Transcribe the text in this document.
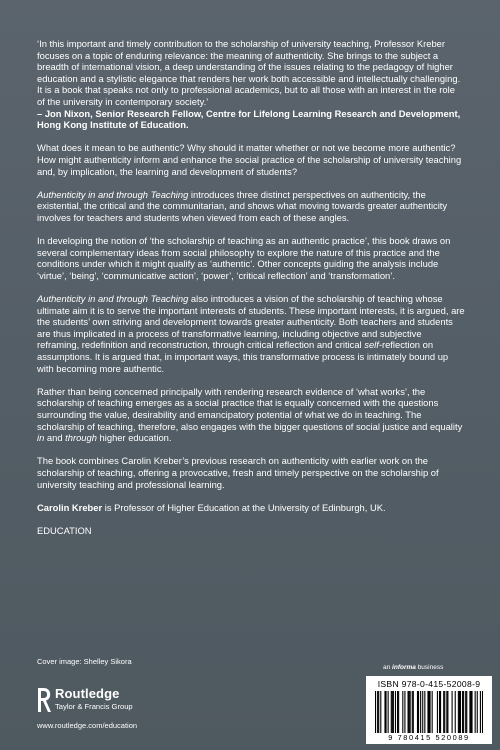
‘In this important and timely contribution to the scholarship of university teaching, Professor Kreber focuses on a topic of enduring relevance: the meaning of authenticity. She brings to the subject a breadth of international vision, a deep understanding of the issues relating to the pedagogy of higher education and a stylistic elegance that renders her work both accessible and intellectually challenging. It is a book that speaks not only to professional academics, but to all those with an interest in the role of the university in contemporary society.’
– Jon Nixon, Senior Research Fellow, Centre for Lifelong Learning Research and Development, Hong Kong Institute of Education.

What does it mean to be authentic? Why should it matter whether or not we become more authentic? How might authenticity inform and enhance the social practice of the scholarship of university teaching and, by implication, the learning and development of students?

Authenticity in and through Teaching introduces three distinct perspectives on authenticity, the existential, the critical and the communitarian, and shows what moving towards greater authenticity involves for teachers and students when viewed from each of these angles.

In developing the notion of ‘the scholarship of teaching as an authentic practice’, this book draws on several complementary ideas from social philosophy to explore the nature of this practice and the conditions under which it might qualify as ‘authentic’. Other concepts guiding the analysis include ‘virtue’, ‘being’, ‘communicative action’, ‘power’, ‘critical reflection’ and ‘transformation’.

Authenticity in and through Teaching also introduces a vision of the scholarship of teaching whose ultimate aim it is to serve the important interests of students. These important interests, it is argued, are the students’ own striving and development towards greater authenticity. Both teachers and students are thus implicated in a process of transformative learning, including objective and subjective reframing, redefinition and reconstruction, through critical reflection and critical self-reflection on assumptions. It is argued that, in important ways, this transformative process is intimately bound up with becoming more authentic.

Rather than being concerned principally with rendering research evidence of ‘what works’, the scholarship of teaching emerges as a social practice that is equally concerned with the questions surrounding the value, desirability and emancipatory potential of what we do in teaching. The scholarship of teaching, therefore, also engages with the bigger questions of social justice and equality in and through higher education.

The book combines Carolin Kreber’s previous research on authenticity with earlier work on the scholarship of teaching, offering a provocative, fresh and timely perspective on the scholarship of university teaching and professional learning.

Carolin Kreber is Professor of Higher Education at the University of Edinburgh, UK.

EDUCATION

Cover image: Shelley Sikora
Routledge
Taylor & Francis Group
www.routledge.com/education
an informa business
ISBN 978-0-415-52008-9
9 780415 520089
